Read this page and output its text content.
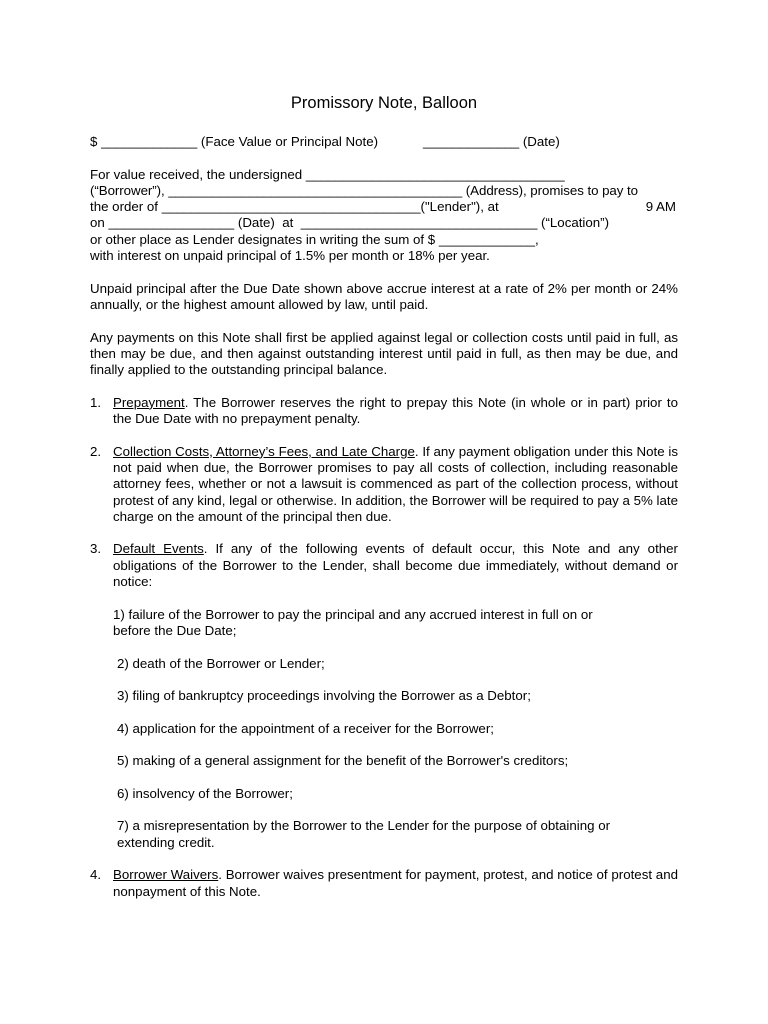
Promissory Note, Balloon
$ _____________ (Face Value or Principal Note)	_____________ (Date)
For value received, the undersigned ___________________________________
(“Borrower”), ________________________________________ (Address), promises to pay to
the order of ___________________________________("Lender"), at	9 AM
on _________________ (Date)  at  ________________________________ (“Location”)
or other place as Lender designates in writing the sum of $ _____________,
with interest on unpaid principal of 1.5% per month or 18% per year.
Unpaid principal after the Due Date shown above accrue interest at a rate of 2% per month or 24% annually, or the highest amount allowed by law, until paid.
Any payments on this Note shall first be applied against legal or collection costs until paid in full, as then may be due, and then against outstanding interest until paid in full, as then may be due, and finally applied to the outstanding principal balance.
1. Prepayment. The Borrower reserves the right to prepay this Note (in whole or in part) prior to the Due Date with no prepayment penalty.
2. Collection Costs, Attorney’s Fees, and Late Charge. If any payment obligation under this Note is not paid when due, the Borrower promises to pay all costs of collection, including reasonable attorney fees, whether or not a lawsuit is commenced as part of the collection process, without protest of any kind, legal or otherwise. In addition, the Borrower will be required to pay a 5% late charge on the amount of the principal then due.
3. Default Events. If any of the following events of default occur, this Note and any other obligations of the Borrower to the Lender, shall become due immediately, without demand or notice:
1) failure of the Borrower to pay the principal and any accrued interest in full on or before the Due Date;
2) death of the Borrower or Lender;
3) filing of bankruptcy proceedings involving the Borrower as a Debtor;
4) application for the appointment of a receiver for the Borrower;
5) making of a general assignment for the benefit of the Borrower's creditors;
6) insolvency of the Borrower;
7) a misrepresentation by the Borrower to the Lender for the purpose of obtaining or extending credit.
4. Borrower Waivers. Borrower waives presentment for payment, protest, and notice of protest and nonpayment of this Note.
